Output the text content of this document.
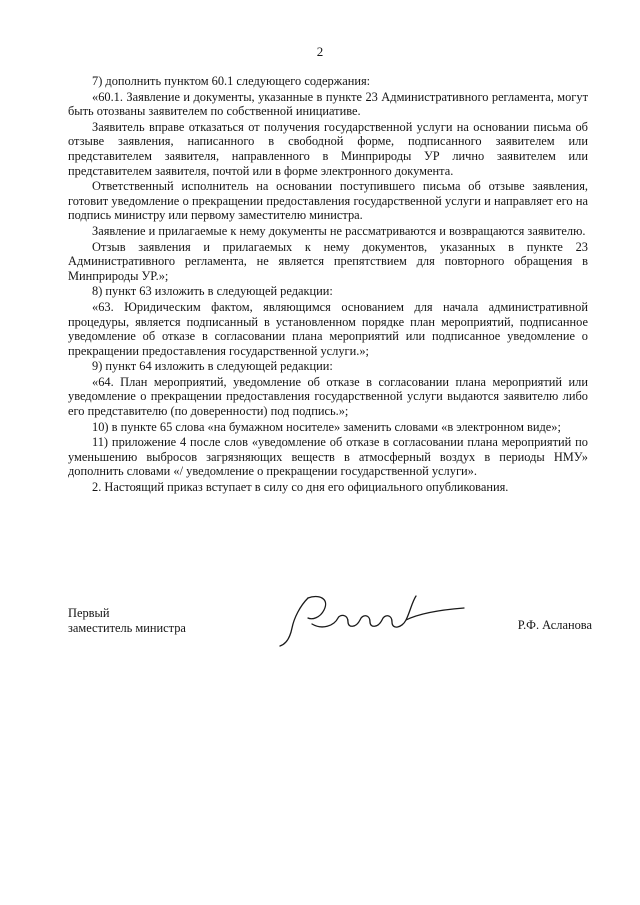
2

7) дополнить пунктом 60.1 следующего содержания:

«60.1. Заявление и документы, указанные в пункте 23 Административного регламента, могут быть отозваны заявителем по собственной инициативе.

Заявитель вправе отказаться от получения государственной услуги на основании письма об отзыве заявления, написанного в свободной форме, подписанного заявителем или представителем заявителя, направленного в Минприроды УР лично заявителем или представителем заявителя, почтой или в форме электронного документа.

Ответственный исполнитель на основании поступившего письма об отзыве заявления, готовит уведомление о прекращении предоставления государственной услуги и направляет его на подпись министру или первому заместителю министра.

Заявление и прилагаемые к нему документы не рассматриваются и возвращаются заявителю.

Отзыв заявления и прилагаемых к нему документов, указанных в пункте 23 Административного регламента, не является препятствием для повторного обращения в Минприроды УР.»;

8) пункт 63 изложить в следующей редакции:

«63. Юридическим фактом, являющимся основанием для начала административной процедуры, является подписанный в установленном порядке план мероприятий, подписанное уведомление об отказе в согласовании плана мероприятий или подписанное уведомление о прекращении предоставления государственной услуги.»;

9) пункт 64 изложить в следующей редакции:

«64. План мероприятий, уведомление об отказе в согласовании плана мероприятий или уведомление о прекращении предоставления государственной услуги выдаются заявителю либо его представителю (по доверенности) под подпись.»;

10) в пункте 65 слова «на бумажном носителе» заменить словами «в электронном виде»;

11) приложение 4 после слов «уведомление об отказе в согласовании плана мероприятий по уменьшению выбросов загрязняющих веществ в атмосферный воздух в периоды НМУ» дополнить словами «/ уведомление о прекращении государственной услуги».

2. Настоящий приказ вступает в силу со дня его официального опубликования.

Первый
заместитель министра	Р.Ф. Асланова
